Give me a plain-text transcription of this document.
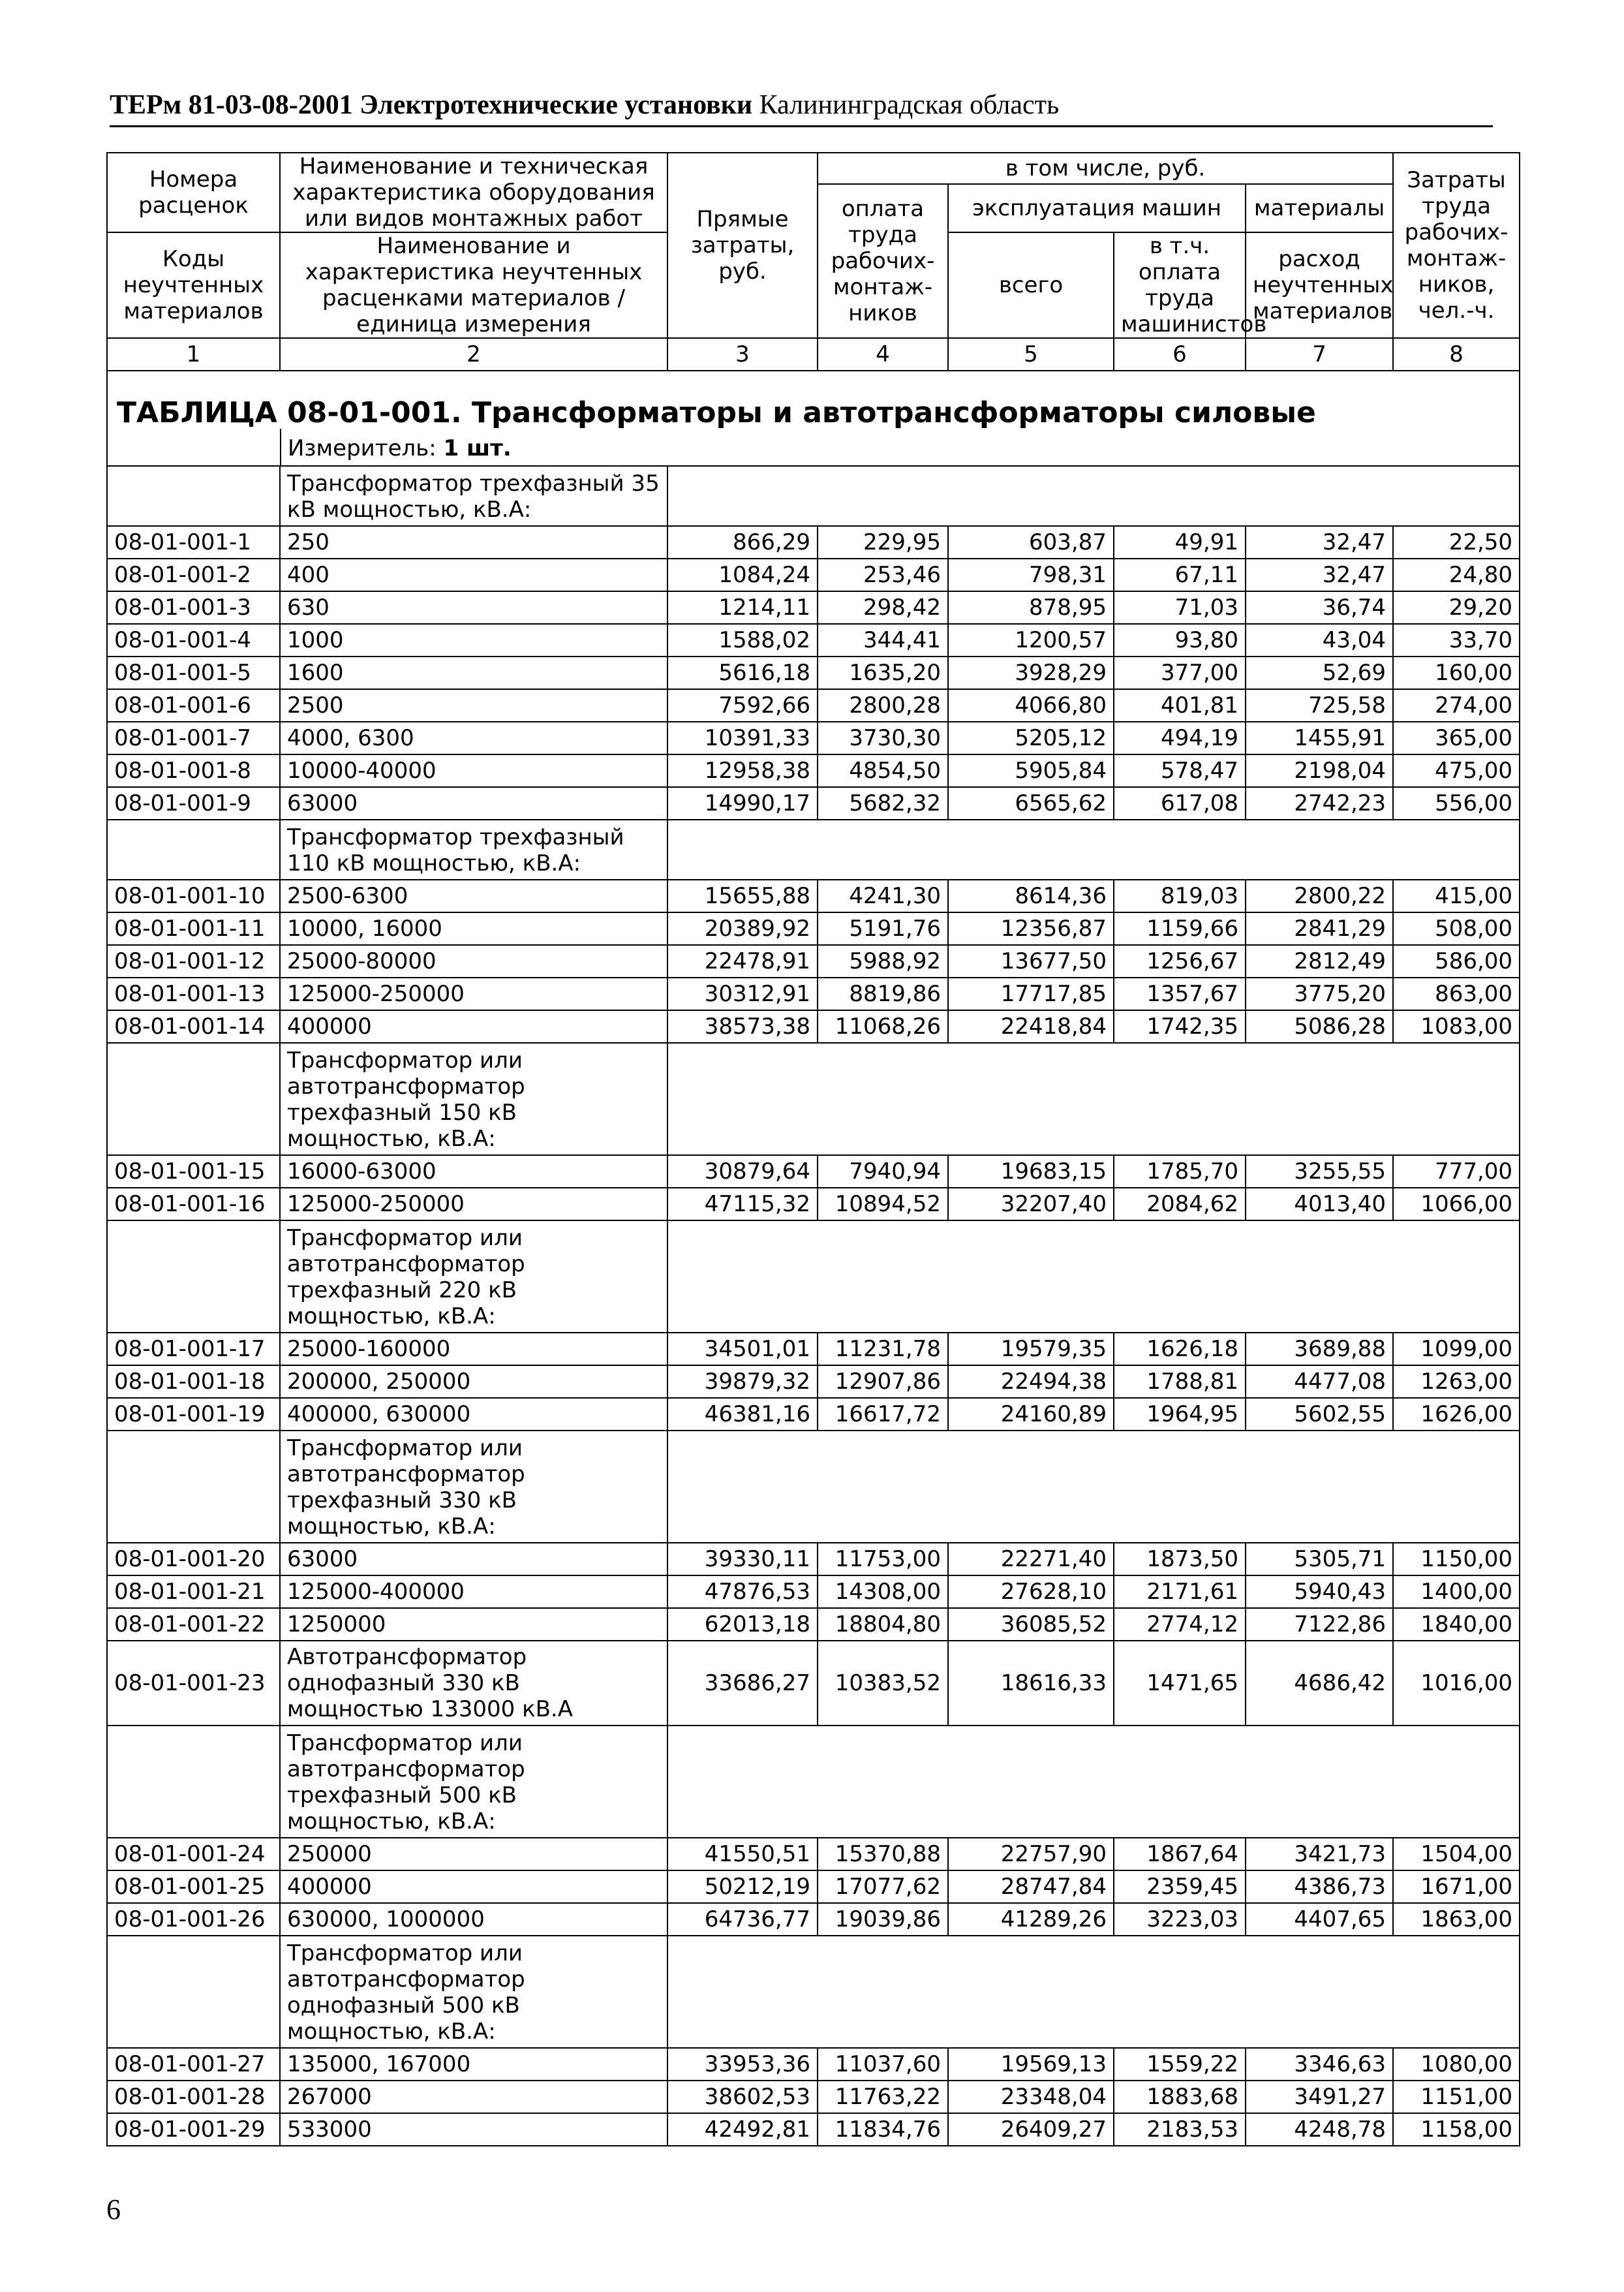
ТЕРм 81-03-08-2001 Электротехнические установки Калининградская область
Номера расценок	Наименование и техническая характеристика оборудования или видов монтажных работ	Прямые затраты, руб.	в том числе, руб.	Затраты труда рабочих-монтаж-ников, чел.-ч.
оплата труда рабочих-монтаж-ников	эксплуатация машин	материалы
Коды неучтенных материалов	Наименование и характеристика неучтенных расценками материалов / единица измерения	всего	в т.ч. оплата труда машинистов	расход неучтенных материалов
1	2	3	4	5	6	7	8

ТАБЛИЦА 08-01-001. Трансформаторы и автотрансформаторы силовые
	Измеритель: 1 шт.

	Трансформатор трехфазный 35 кВ мощностью, кВ.А:	
08-01-001-1	250	866,29	229,95	603,87	49,91	32,47	22,50
08-01-001-2	400	1084,24	253,46	798,31	67,11	32,47	24,80
08-01-001-3	630	1214,11	298,42	878,95	71,03	36,74	29,20
08-01-001-4	1000	1588,02	344,41	1200,57	93,80	43,04	33,70
08-01-001-5	1600	5616,18	1635,20	3928,29	377,00	52,69	160,00
08-01-001-6	2500	7592,66	2800,28	4066,80	401,81	725,58	274,00
08-01-001-7	4000, 6300	10391,33	3730,30	5205,12	494,19	1455,91	365,00
08-01-001-8	10000-40000	12958,38	4854,50	5905,84	578,47	2198,04	475,00
08-01-001-9	63000	14990,17	5682,32	6565,62	617,08	2742,23	556,00
	Трансформатор трехфазный 110 кВ мощностью, кВ.А:	
08-01-001-10	2500-6300	15655,88	4241,30	8614,36	819,03	2800,22	415,00
08-01-001-11	10000, 16000	20389,92	5191,76	12356,87	1159,66	2841,29	508,00
08-01-001-12	25000-80000	22478,91	5988,92	13677,50	1256,67	2812,49	586,00
08-01-001-13	125000-250000	30312,91	8819,86	17717,85	1357,67	3775,20	863,00
08-01-001-14	400000	38573,38	11068,26	22418,84	1742,35	5086,28	1083,00
	Трансформатор или автотрансформатор трехфазный 150 кВ мощностью, кВ.А:	
08-01-001-15	16000-63000	30879,64	7940,94	19683,15	1785,70	3255,55	777,00
08-01-001-16	125000-250000	47115,32	10894,52	32207,40	2084,62	4013,40	1066,00
	Трансформатор или автотрансформатор трехфазный 220 кВ мощностью, кВ.А:	
08-01-001-17	25000-160000	34501,01	11231,78	19579,35	1626,18	3689,88	1099,00
08-01-001-18	200000, 250000	39879,32	12907,86	22494,38	1788,81	4477,08	1263,00
08-01-001-19	400000, 630000	46381,16	16617,72	24160,89	1964,95	5602,55	1626,00
	Трансформатор или автотрансформатор трехфазный 330 кВ мощностью, кВ.А:	
08-01-001-20	63000	39330,11	11753,00	22271,40	1873,50	5305,71	1150,00
08-01-001-21	125000-400000	47876,53	14308,00	27628,10	2171,61	5940,43	1400,00
08-01-001-22	1250000	62013,18	18804,80	36085,52	2774,12	7122,86	1840,00
08-01-001-23	Автотрансформатор однофазный 330 кВ мощностью 133000 кВ.А	33686,27	10383,52	18616,33	1471,65	4686,42	1016,00
	Трансформатор или автотрансформатор трехфазный 500 кВ мощностью, кВ.А:	
08-01-001-24	250000	41550,51	15370,88	22757,90	1867,64	3421,73	1504,00
08-01-001-25	400000	50212,19	17077,62	28747,84	2359,45	4386,73	1671,00
08-01-001-26	630000, 1000000	64736,77	19039,86	41289,26	3223,03	4407,65	1863,00
	Трансформатор или автотрансформатор однофазный 500 кВ мощностью, кВ.А:	
08-01-001-27	135000, 167000	33953,36	11037,60	19569,13	1559,22	3346,63	1080,00
08-01-001-28	267000	38602,53	11763,22	23348,04	1883,68	3491,27	1151,00
08-01-001-29	533000	42492,81	11834,76	26409,27	2183,53	4248,78	1158,00
6
